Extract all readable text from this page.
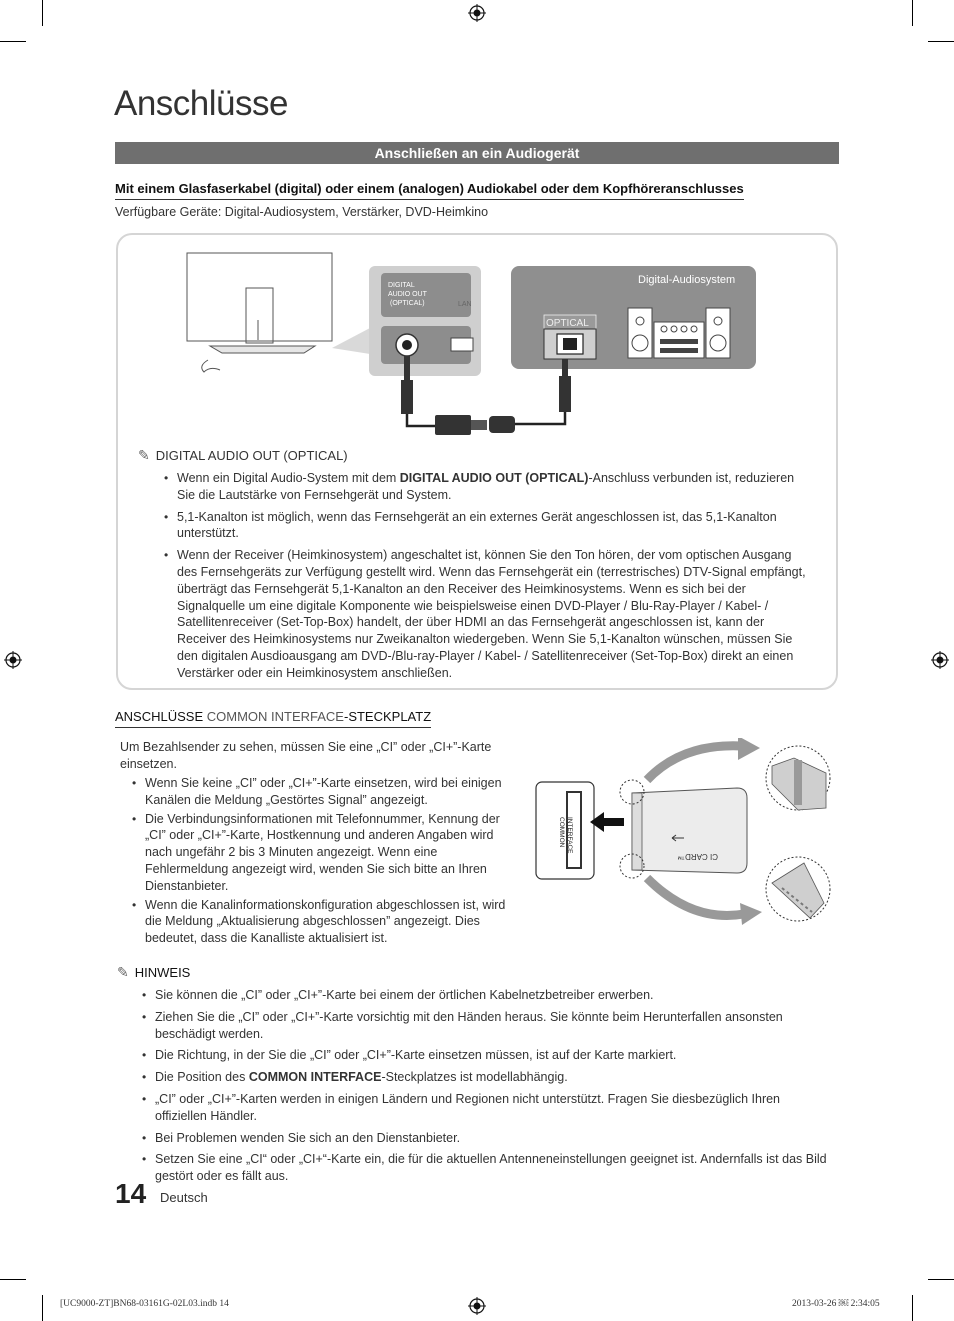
Anschlüsse
Anschließen an ein Audiogerät
Mit einem Glasfaserkabel (digital) oder einem (analogen) Audiokabel oder dem Kopfhöreranschlusses
Verfügbare Geräte: Digital-Audiosystem, Verstärker, DVD-Heimkino
DIGITAL
AUDIO OUT
(OPTICAL)	LAN
Digital-Audiosystem
OPTICAL
✎ DIGITAL AUDIO OUT (OPTICAL)
• Wenn ein Digital Audio-System mit dem DIGITAL AUDIO OUT (OPTICAL)-Anschluss verbunden ist, reduzieren Sie die Lautstärke von Fernsehgerät und System.
• 5,1-Kanalton ist möglich, wenn das Fernsehgerät an ein externes Gerät angeschlossen ist, das 5,1-Kanalton unterstützt.
• Wenn der Receiver (Heimkinosystem) angeschaltet ist, können Sie den Ton hören, der vom optischen Ausgang des Fernsehgeräts zur Verfügung gestellt wird. Wenn das Fernsehgerät ein (terrestrisches) DTV-Signal empfängt, überträgt das Fernsehgerät 5,1-Kanalton an den Receiver des Heimkinosystems. Wenn es sich bei der Signalquelle um eine digitale Komponente wie beispielsweise einen DVD-Player / Blu-Ray-Player / Kabel- / Satellitenreceiver (Set-Top-Box) handelt, der über HDMI an das Fernsehgerät angeschlossen ist, kann der Receiver des Heimkinosystems nur Zweikanalton wiedergeben. Wenn Sie 5,1-Kanalton wünschen, müssen Sie den digitalen Ausdioausgang am DVD-/Blu-ray-Player / Kabel- / Satellitenreceiver (Set-Top-Box) direkt an einen Verstärker oder ein Heimkinosystem anschließen.
ANSCHLÜSSE COMMON INTERFACE-STECKPLATZ
Um Bezahlsender zu sehen, müssen Sie eine „CI” oder „CI+”-Karte einsetzen.
• Wenn Sie keine „CI” oder „CI+”-Karte einsetzen, wird bei einigen Kanälen die Meldung „Gestörtes Signal” angezeigt.
• Die Verbindungsinformationen mit Telefonnummer, Kennung der „CI” oder „CI+”-Karte, Hostkennung und anderen Angaben wird nach ungefähr 2 bis 3 Minuten angezeigt. Wenn eine Fehlermeldung angezeigt wird, wenden Sie sich bitte an Ihren Dienstanbieter.
• Wenn die Kanalinformationskonfiguration abgeschlossen ist, wird die Meldung „Aktualisierung abgeschlossen” angezeigt. Dies bedeutet, dass die Kanalliste aktualisiert ist.
COMMON INTERFACE
CI CARD™
✎ HINWEIS
• Sie können die „CI” oder „CI+”-Karte bei einem der örtlichen Kabelnetzbetreiber erwerben.
• Ziehen Sie die „CI” oder „CI+”-Karte vorsichtig mit den Händen heraus. Sie könnte beim Herunterfallen ansonsten beschädigt werden.
• Die Richtung, in der Sie die „CI” oder „CI+”-Karte einsetzen müssen, ist auf der Karte markiert.
• Die Position des COMMON INTERFACE-Steckplatzes ist modellabhängig.
• „CI” oder „CI+”-Karten werden in einigen Ländern und Regionen nicht unterstützt. Fragen Sie diesbezüglich Ihren offiziellen Händler.
• Bei Problemen wenden Sie sich an den Dienstanbieter.
• Setzen Sie eine „CI“ oder „CI+“-Karte ein, die für die aktuellen Antenneneinstellungen geeignet ist. Andernfalls ist das Bild gestört oder es fällt aus.
14 Deutsch
[UC9000-ZT]BN68-03161G-02L03.indb 14	2013-03-26 ￼ 2:34:05
